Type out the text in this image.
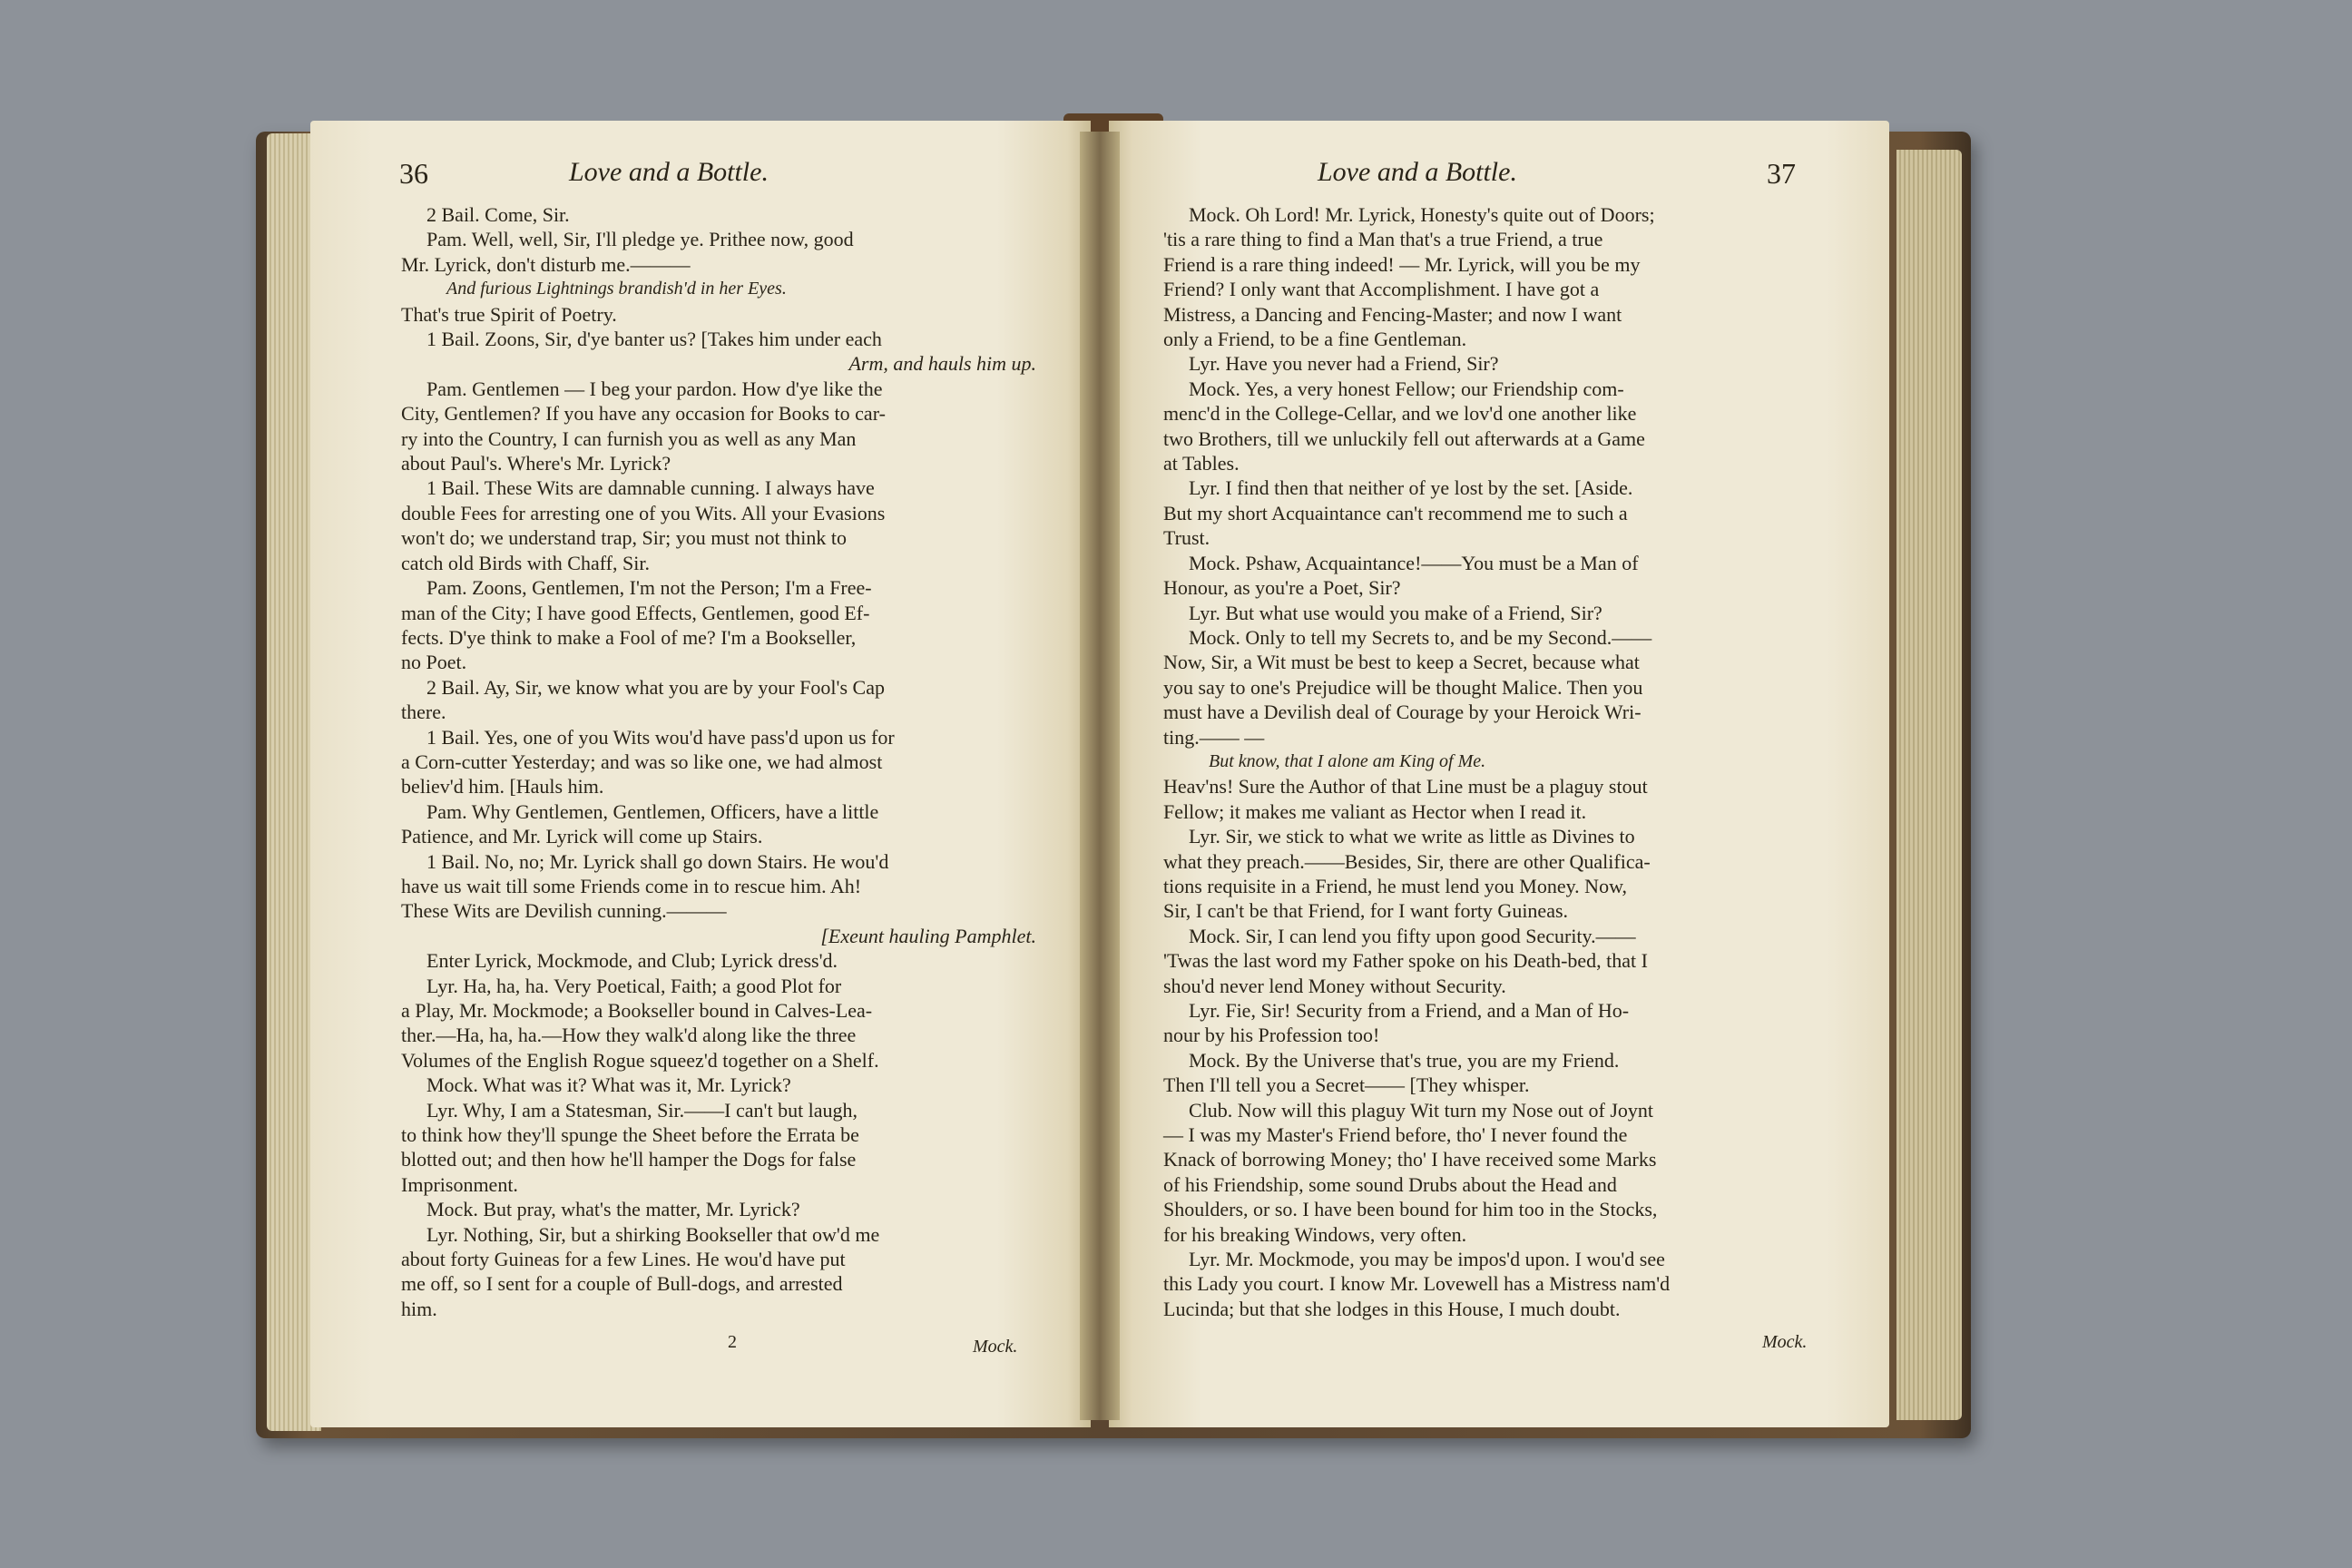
36	Love and a Bottle.

2 Bail. Come, Sir.

Pam. Well, well, Sir, I'll pledge ye. Prithee now, good

Mr. Lyrick, don't disturb me.———

And furious Lightnings brandish'd in her Eyes.

That's true Spirit of Poetry.

1 Bail. Zoons, Sir, d'ye banter us? [Takes him under each

Arm, and hauls him up.

Pam. Gentlemen — I beg your pardon. How d'ye like the

City, Gentlemen? If you have any occasion for Books to car-

ry into the Country, I can furnish you as well as any Man

about Paul's. Where's Mr. Lyrick?

1 Bail. These Wits are damnable cunning. I always have

double Fees for arresting one of you Wits. All your Evasions

won't do; we understand trap, Sir; you must not think to

catch old Birds with Chaff, Sir.

Pam. Zoons, Gentlemen, I'm not the Person; I'm a Free-

man of the City; I have good Effects, Gentlemen, good Ef-

fects. D'ye think to make a Fool of me? I'm a Bookseller,

no Poet.

2 Bail. Ay, Sir, we know what you are by your Fool's Cap

there.

1 Bail. Yes, one of you Wits wou'd have pass'd upon us for

a Corn-cutter Yesterday; and was so like one, we had almost

believ'd him. [Hauls him.

Pam. Why Gentlemen, Gentlemen, Officers, have a little

Patience, and Mr. Lyrick will come up Stairs.

1 Bail. No, no; Mr. Lyrick shall go down Stairs. He wou'd

have us wait till some Friends come in to rescue him. Ah!

These Wits are Devilish cunning.———

[Exeunt hauling Pamphlet.

Enter Lyrick, Mockmode, and Club; Lyrick dress'd.

Lyr. Ha, ha, ha. Very Poetical, Faith; a good Plot for

a Play, Mr. Mockmode; a Bookseller bound in Calves-Lea-

ther.—Ha, ha, ha.—How they walk'd along like the three

Volumes of the English Rogue squeez'd together on a Shelf.

Mock. What was it? What was it, Mr. Lyrick?

Lyr. Why, I am a Statesman, Sir.——I can't but laugh,

to think how they'll spunge the Sheet before the Errata be

blotted out; and then how he'll hamper the Dogs for false

Imprisonment.

Mock. But pray, what's the matter, Mr. Lyrick?

Lyr. Nothing, Sir, but a shirking Bookseller that ow'd me

about forty Guineas for a few Lines. He wou'd have put

me off, so I sent for a couple of Bull-dogs, and arrested

him.

2	Mock.
Love and a Bottle.	37

Mock. Oh Lord! Mr. Lyrick, Honesty's quite out of Doors;

'tis a rare thing to find a Man that's a true Friend, a true

Friend is a rare thing indeed! — Mr. Lyrick, will you be my

Friend? I only want that Accomplishment. I have got a

Mistress, a Dancing and Fencing-Master; and now I want

only a Friend, to be a fine Gentleman.

Lyr. Have you never had a Friend, Sir?

Mock. Yes, a very honest Fellow; our Friendship com-

menc'd in the College-Cellar, and we lov'd one another like

two Brothers, till we unluckily fell out afterwards at a Game

at Tables.

Lyr. I find then that neither of ye lost by the set. [Aside.

But my short Acquaintance can't recommend me to such a

Trust.

Mock. Pshaw, Acquaintance!——You must be a Man of

Honour, as you're a Poet, Sir?

Lyr. But what use would you make of a Friend, Sir?

Mock. Only to tell my Secrets to, and be my Second.——

Now, Sir, a Wit must be best to keep a Secret, because what

you say to one's Prejudice will be thought Malice. Then you

must have a Devilish deal of Courage by your Heroick Wri-

ting.—— —

But know, that I alone am King of Me.

Heav'ns! Sure the Author of that Line must be a plaguy stout

Fellow; it makes me valiant as Hector when I read it.

Lyr. Sir, we stick to what we write as little as Divines to

what they preach.——Besides, Sir, there are other Qualifica-

tions requisite in a Friend, he must lend you Money. Now,

Sir, I can't be that Friend, for I want forty Guineas.

Mock. Sir, I can lend you fifty upon good Security.——

'Twas the last word my Father spoke on his Death-bed, that I

shou'd never lend Money without Security.

Lyr. Fie, Sir! Security from a Friend, and a Man of Ho-

nour by his Profession too!

Mock. By the Universe that's true, you are my Friend.

Then I'll tell you a Secret—— [They whisper.

Club. Now will this plaguy Wit turn my Nose out of Joynt

— I was my Master's Friend before, tho' I never found the

Knack of borrowing Money; tho' I have received some Marks

of his Friendship, some sound Drubs about the Head and

Shoulders, or so. I have been bound for him too in the Stocks,

for his breaking Windows, very often.

Lyr. Mr. Mockmode, you may be impos'd upon. I wou'd see

this Lady you court. I know Mr. Lovewell has a Mistress nam'd

Lucinda; but that she lodges in this House, I much doubt.

Mock.
